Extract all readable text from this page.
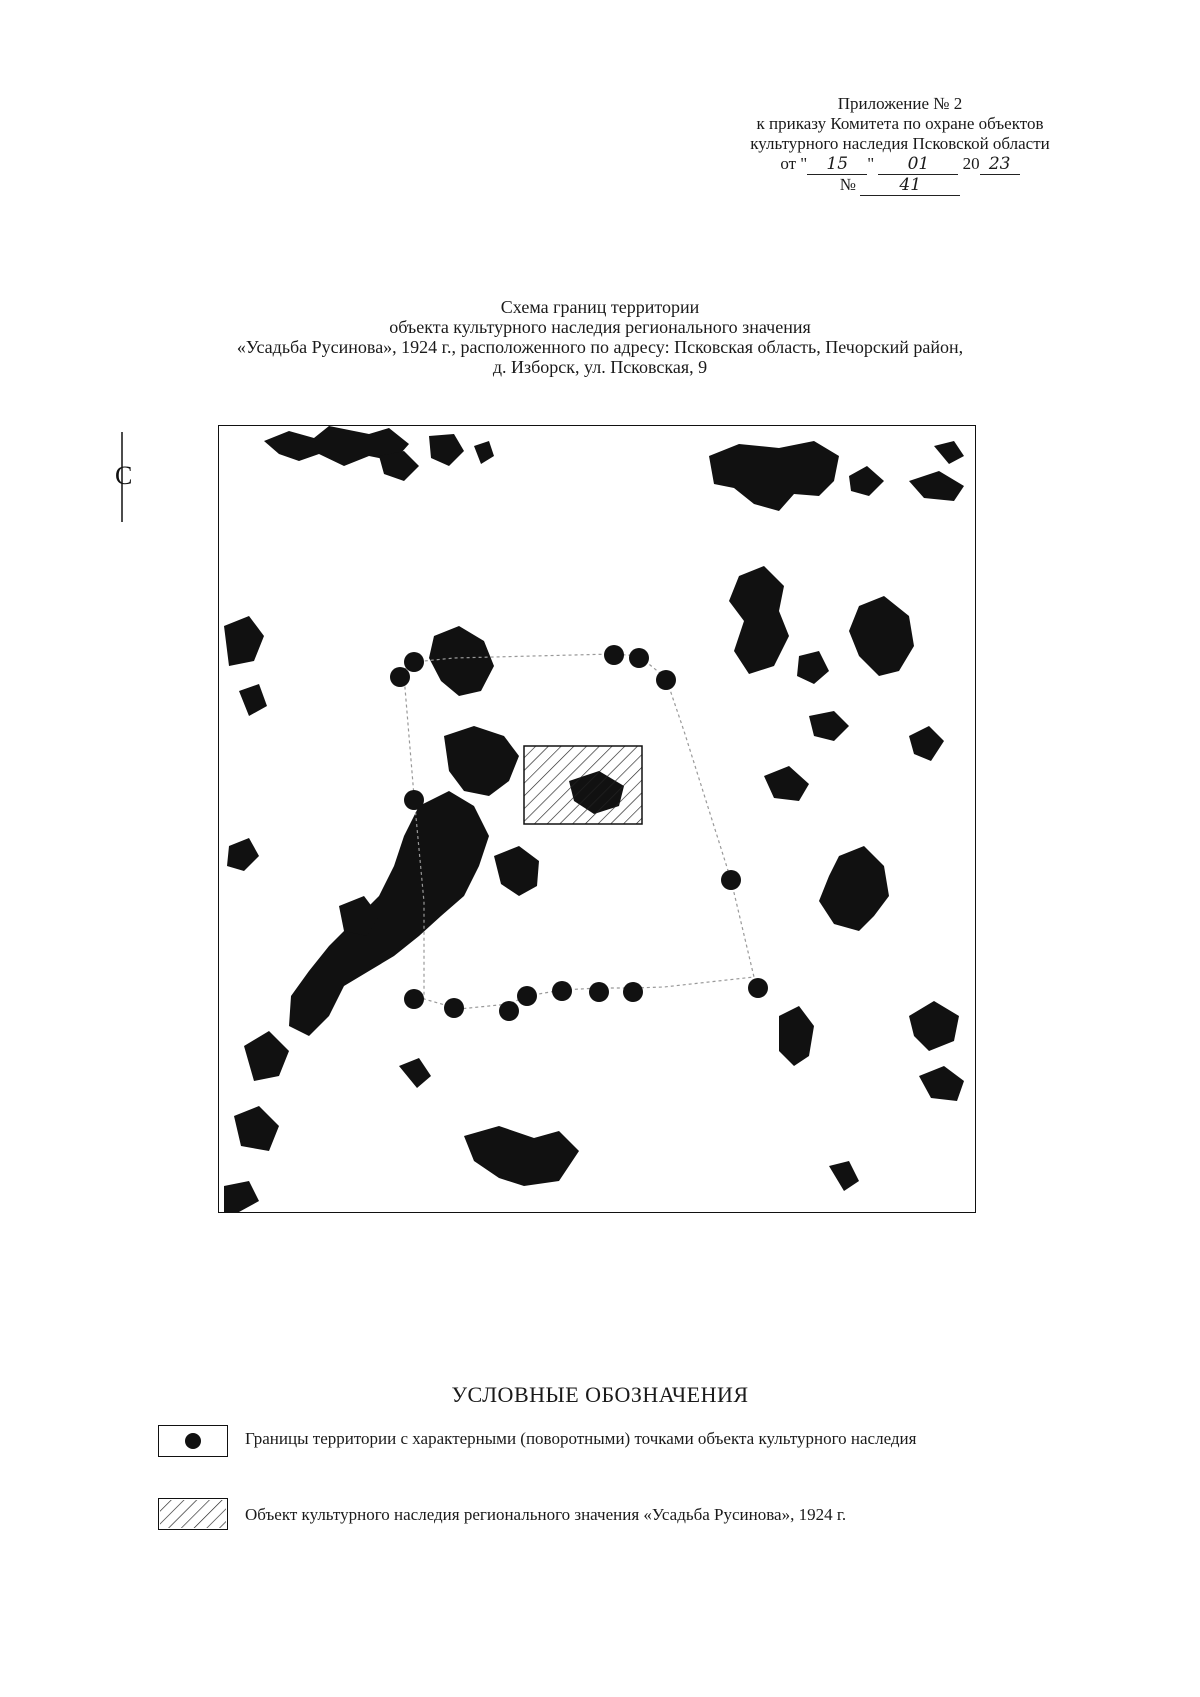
Приложение № 2
к приказу Комитета по охране объектов
культурного наследия Псковской области
от " 15 " 01 20 23
№	41
Схема границ территории
объекта культурного наследия регионального значения
«Усадьба Русинова», 1924 г., расположенного по адресу: Псковская область, Печорский район,
д. Изборск, ул. Псковская, 9
С
УСЛОВНЫЕ ОБОЗНАЧЕНИЯ
Границы территории с характерными (поворотными) точками объекта культурного наследия
Объект культурного наследия регионального значения «Усадьба Русинова», 1924 г.
